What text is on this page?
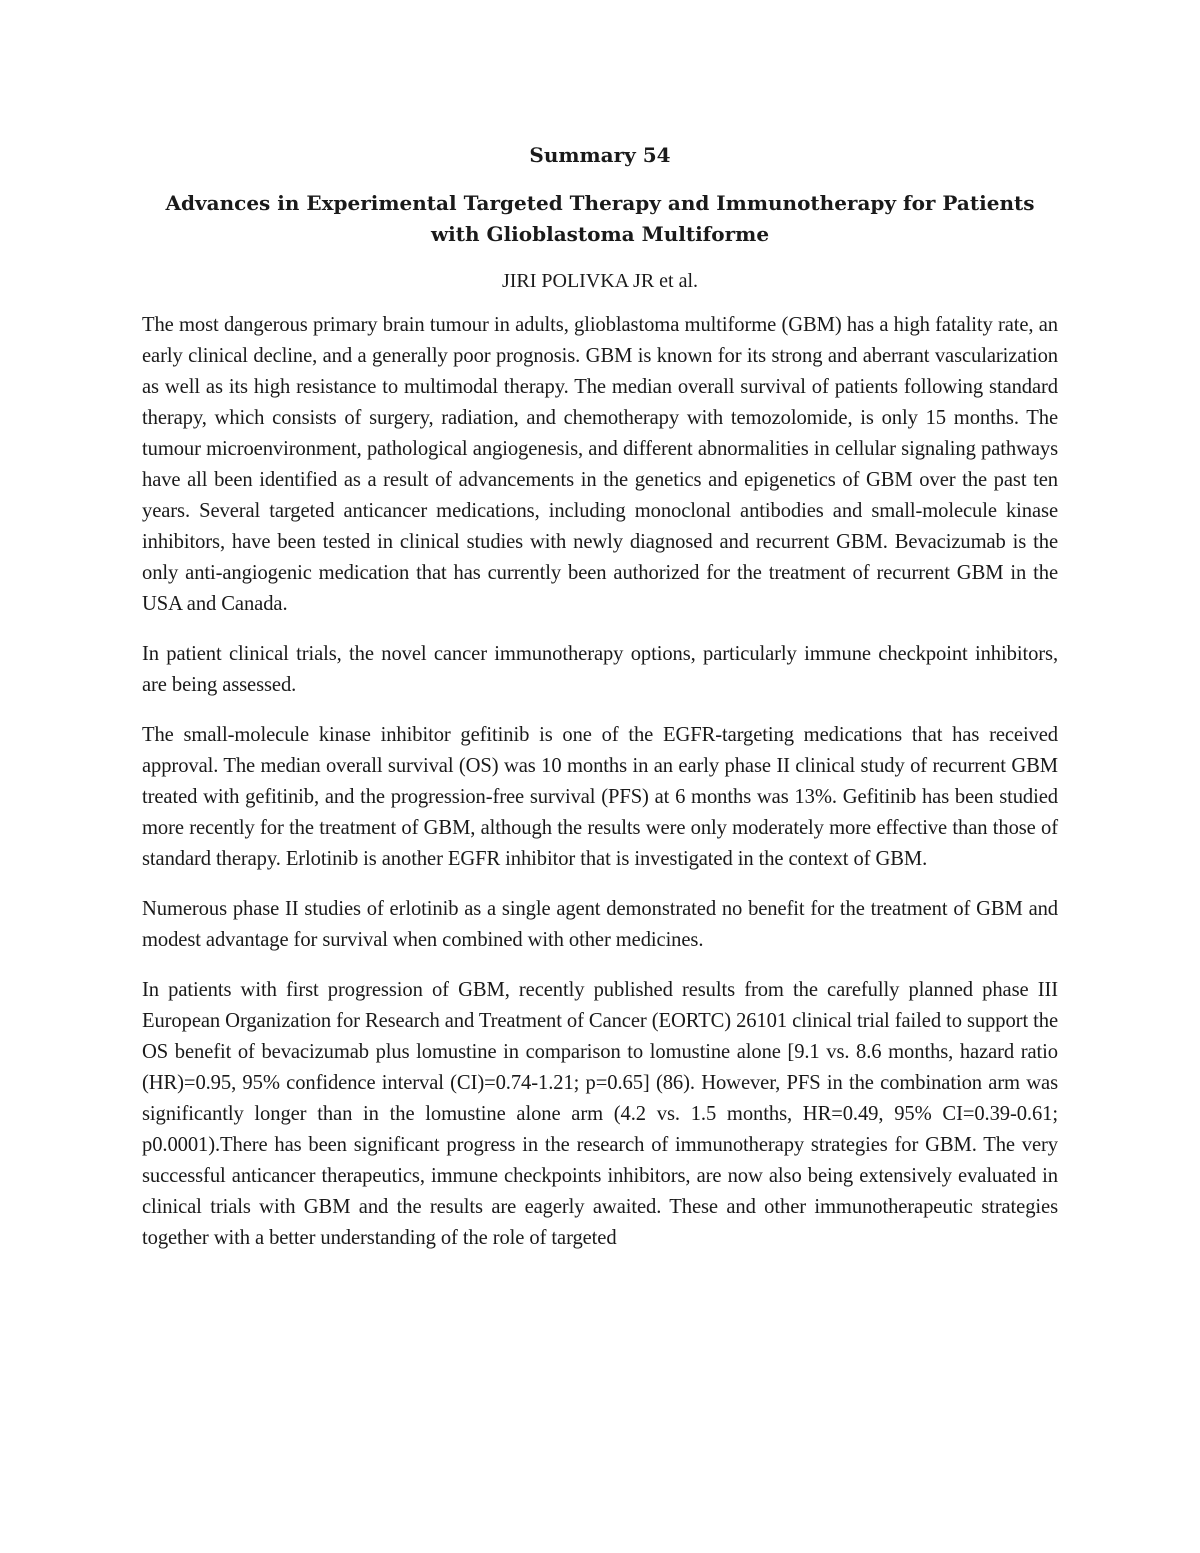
Summary 54
Advances in Experimental Targeted Therapy and Immunotherapy for Patients with Glioblastoma Multiforme
JIRI POLIVKA JR et al.

The most dangerous primary brain tumour in adults, glioblastoma multiforme (GBM) has a high fatality rate, an early clinical decline, and a generally poor prognosis. GBM is known for its strong and aberrant vascularization as well as its high resistance to multimodal therapy. The median overall survival of patients following standard therapy, which consists of surgery, radiation, and chemotherapy with temozolomide, is only 15 months. The tumour microenvironment, pathological angiogenesis, and different abnormalities in cellular signaling pathways have all been identified as a result of advancements in the genetics and epigenetics of GBM over the past ten years. Several targeted anticancer medications, including monoclonal antibodies and small-molecule kinase inhibitors, have been tested in clinical studies with newly diagnosed and recurrent GBM. Bevacizumab is the only anti-angiogenic medication that has currently been authorized for the treatment of recurrent GBM in the USA and Canada.

In patient clinical trials, the novel cancer immunotherapy options, particularly immune checkpoint inhibitors, are being assessed.

The small-molecule kinase inhibitor gefitinib is one of the EGFR-targeting medications that has received approval. The median overall survival (OS) was 10 months in an early phase II clinical study of recurrent GBM treated with gefitinib, and the progression-free survival (PFS) at 6 months was 13%. Gefitinib has been studied more recently for the treatment of GBM, although the results were only moderately more effective than those of standard therapy. Erlotinib is another EGFR inhibitor that is investigated in the context of GBM.

Numerous phase II studies of erlotinib as a single agent demonstrated no benefit for the treatment of GBM and modest advantage for survival when combined with other medicines.

In patients with first progression of GBM, recently published results from the carefully planned phase III European Organization for Research and Treatment of Cancer (EORTC) 26101 clinical trial failed to support the OS benefit of bevacizumab plus lomustine in comparison to lomustine alone [9.1 vs. 8.6 months, hazard ratio (HR)=0.95, 95% confidence interval (CI)=0.74-1.21; p=0.65] (86). However, PFS in the combination arm was significantly longer than in the lomustine alone arm (4.2 vs. 1.5 months, HR=0.49, 95% CI=0.39-0.61; p0.0001).There has been significant progress in the research of immunotherapy strategies for GBM. The very successful anticancer therapeutics, immune checkpoints inhibitors, are now also being extensively evaluated in clinical trials with GBM and the results are eagerly awaited. These and other immunotherapeutic strategies together with a better understanding of the role of targeted
